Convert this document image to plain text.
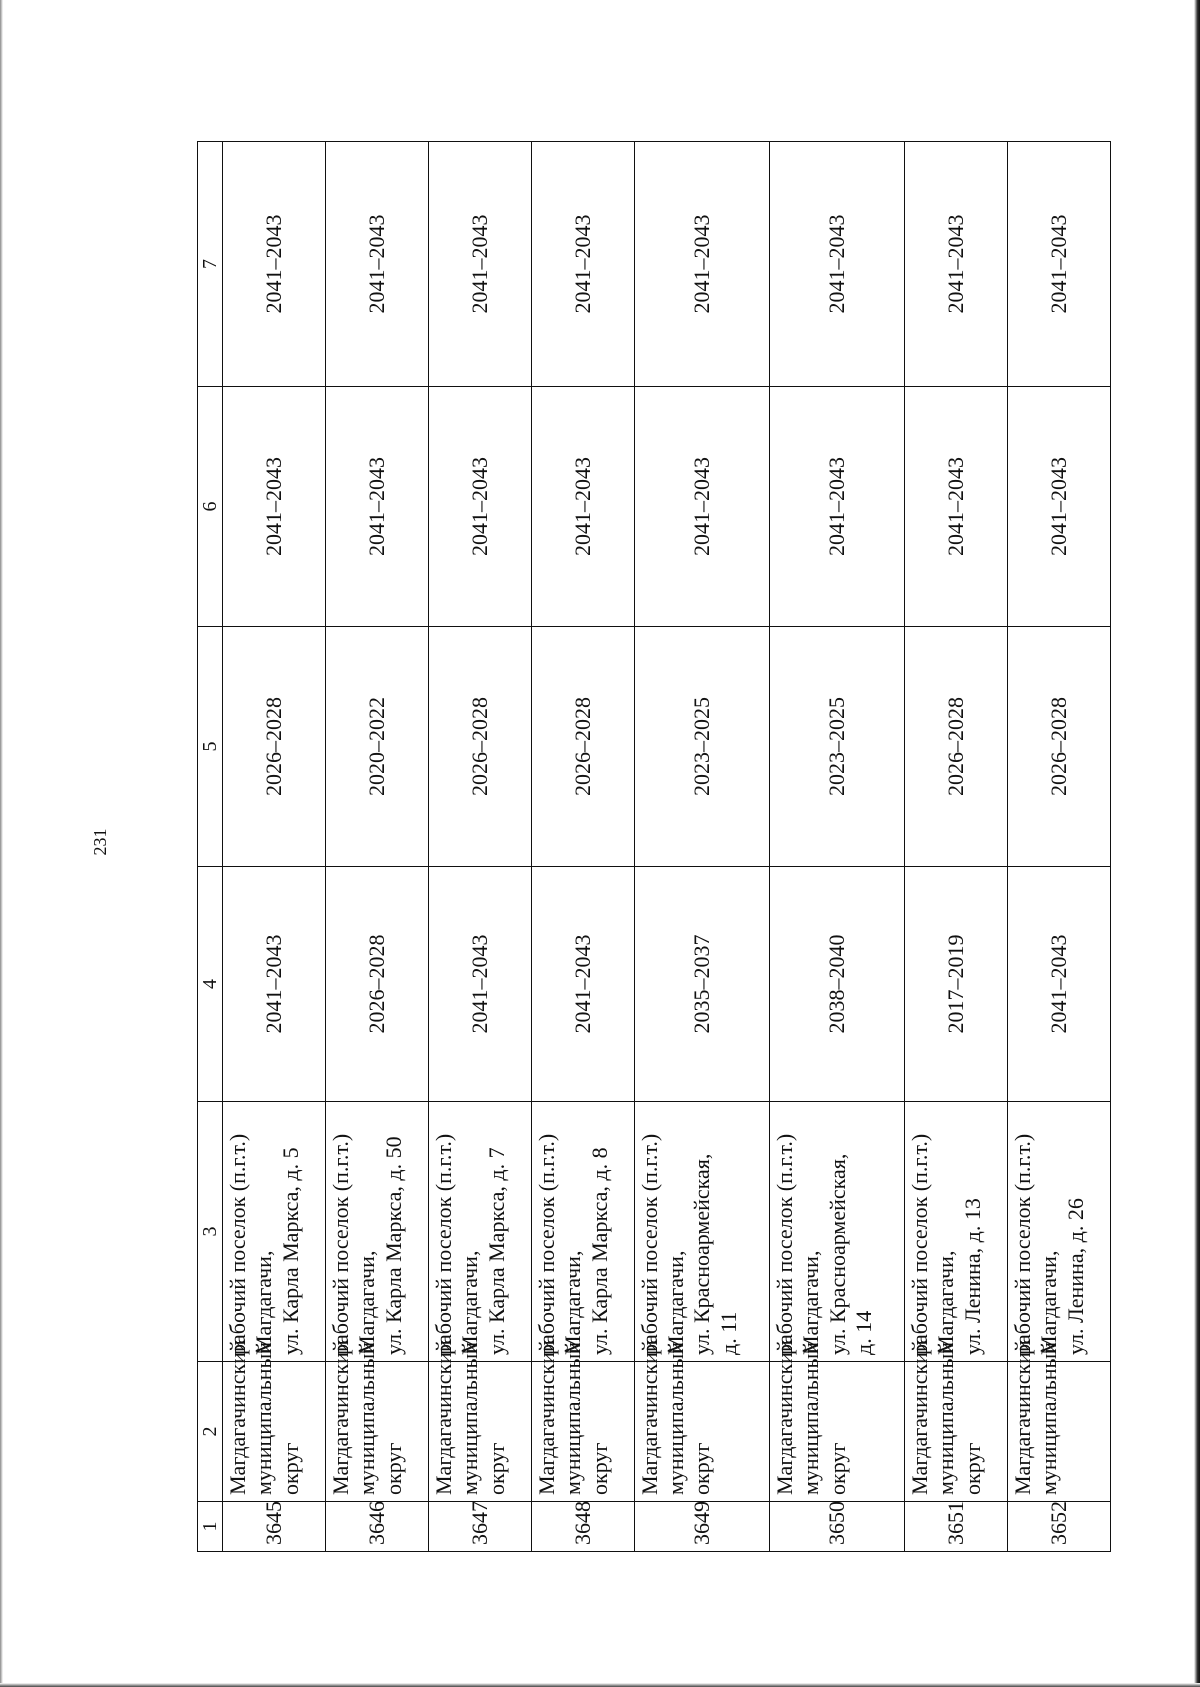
231
1	2	3	4	5	6	7
3645	Магдагачинский
муниципальный
округ	рабочий поселок (п.г.т.)
Магдагачи,
ул. Карла Маркса, д. 5	2041–2043	2026–2028	2041–2043	2041–2043
3646	Магдагачинский
муниципальный
округ	рабочий поселок (п.г.т.)
Магдагачи,
ул. Карла Маркса, д. 50	2026–2028	2020–2022	2041–2043	2041–2043
3647	Магдагачинский
муниципальный
округ	рабочий поселок (п.г.т.)
Магдагачи,
ул. Карла Маркса, д. 7	2041–2043	2026–2028	2041–2043	2041–2043
3648	Магдагачинский
муниципальный
округ	рабочий поселок (п.г.т.)
Магдагачи,
ул. Карла Маркса, д. 8	2041–2043	2026–2028	2041–2043	2041–2043
3649	Магдагачинский
муниципальный
округ	рабочий поселок (п.г.т.)
Магдагачи,
ул. Красноармейская,
д. 11	2035–2037	2023–2025	2041–2043	2041–2043
3650	Магдагачинский
муниципальный
округ	рабочий поселок (п.г.т.)
Магдагачи,
ул. Красноармейская,
д. 14	2038–2040	2023–2025	2041–2043	2041–2043
3651	Магдагачинский
муниципальный
округ	рабочий поселок (п.г.т.)
Магдагачи,
ул. Ленина, д. 13	2017–2019	2026–2028	2041–2043	2041–2043
3652	Магдагачинский
муниципальный	рабочий поселок (п.г.т.)
Магдагачи,
ул. Ленина, д. 26	2041–2043	2026–2028	2041–2043	2041–2043
